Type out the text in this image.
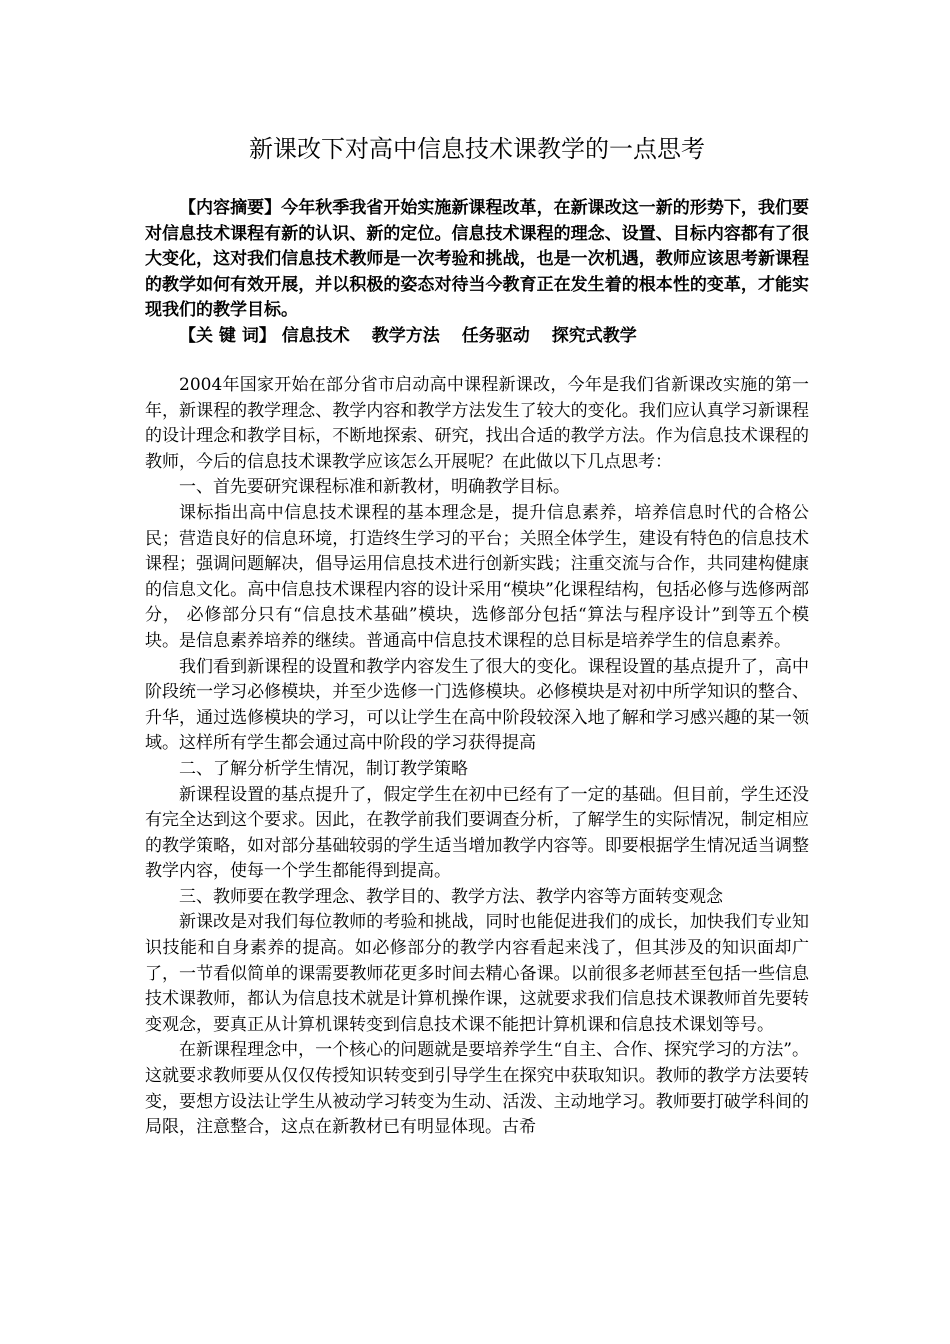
新课改下对高中信息技术课教学的一点思考

【内容摘要】今年秋季我省开始实施新课程改革，在新课改这一新的形势下，我们要对信息技术课程有新的认识、新的定位。信息技术课程的理念、设置、目标内容都有了很大变化，这对我们信息技术教师是一次考验和挑战，也是一次机遇，教师应该思考新课程的教学如何有效开展，并以积极的姿态对待当今教育正在发生着的根本性的变革，才能实现我们的教学目标。

【关 键 词】 信息技术 教学方法 任务驱动 探究式教学

2004年国家开始在部分省市启动高中课程新课改，今年是我们省新课改实施的第一年，新课程的教学理念、教学内容和教学方法发生了较大的变化。我们应认真学习新课程的设计理念和教学目标，不断地探索、研究，找出合适的教学方法。作为信息技术课程的教师，今后的信息技术课教学应该怎么开展呢？在此做以下几点思考：

一、首先要研究课程标准和新教材，明确教学目标。

课标指出高中信息技术课程的基本理念是，提升信息素养，培养信息时代的合格公民；营造良好的信息环境，打造终生学习的平台；关照全体学生，建设有特色的信息技术课程；强调问题解决，倡导运用信息技术进行创新实践；注重交流与合作，共同建构健康的信息文化。高中信息技术课程内容的设计采用“模块”化课程结构，包括必修与选修两部分， 必修部分只有“信息技术基础”模块，选修部分包括“算法与程序设计”到等五个模块。是信息素养培养的继续。普通高中信息技术课程的总目标是培养学生的信息素养。

我们看到新课程的设置和教学内容发生了很大的变化。课程设置的基点提升了，高中阶段统一学习必修模块，并至少选修一门选修模块。必修模块是对初中所学知识的整合、升华，通过选修模块的学习，可以让学生在高中阶段较深入地了解和学习感兴趣的某一领域。这样所有学生都会通过高中阶段的学习获得提高

二、了解分析学生情况，制订教学策略

新课程设置的基点提升了，假定学生在初中已经有了一定的基础。但目前，学生还没有完全达到这个要求。因此，在教学前我们要调查分析，了解学生的实际情况，制定相应的教学策略，如对部分基础较弱的学生适当增加教学内容等。即要根据学生情况适当调整教学内容，使每一个学生都能得到提高。

三、教师要在教学理念、教学目的、教学方法、教学内容等方面转变观念

新课改是对我们每位教师的考验和挑战，同时也能促进我们的成长，加快我们专业知识技能和自身素养的提高。如必修部分的教学内容看起来浅了，但其涉及的知识面却广了，一节看似简单的课需要教师花更多时间去精心备课。以前很多老师甚至包括一些信息技术课教师，都认为信息技术就是计算机操作课，这就要求我们信息技术课教师首先要转变观念，要真正从计算机课转变到信息技术课不能把计算机课和信息技术课划等号。

在新课程理念中，一个核心的问题就是要培养学生“自主、合作、探究学习的方法”。这就要求教师要从仅仅传授知识转变到引导学生在探究中获取知识。教师的教学方法要转变，要想方设法让学生从被动学习转变为生动、活泼、主动地学习。教师要打破学科间的局限，注意整合，这点在新教材已有明显体现。古希
